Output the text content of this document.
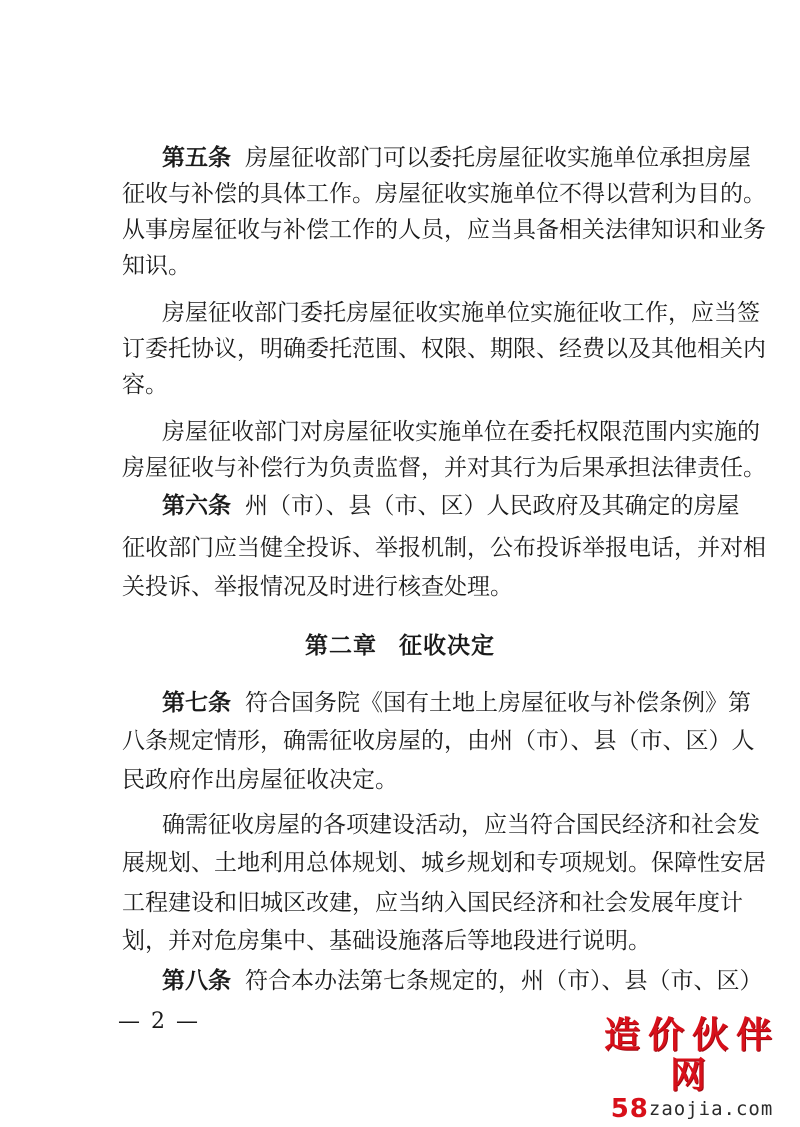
第五条 房屋征收部门可以委托房屋征收实施单位承担房屋
征收与补偿的具体工作。房屋征收实施单位不得以营利为目的。
从事房屋征收与补偿工作的人员，应当具备相关法律知识和业务
知识。
房屋征收部门委托房屋征收实施单位实施征收工作，应当签
订委托协议，明确委托范围、权限、期限、经费以及其他相关内
容。
房屋征收部门对房屋征收实施单位在委托权限范围内实施的
房屋征收与补偿行为负责监督，并对其行为后果承担法律责任。
第六条 州（市）、县（市、区）人民政府及其确定的房屋
征收部门应当健全投诉、举报机制，公布投诉举报电话，并对相
关投诉、举报情况及时进行核查处理。
第二章 征收决定
第七条 符合国务院《国有土地上房屋征收与补偿条例》第
八条规定情形，确需征收房屋的，由州（市）、县（市、区）人
民政府作出房屋征收决定。
确需征收房屋的各项建设活动，应当符合国民经济和社会发
展规划、土地利用总体规划、城乡规划和专项规划。保障性安居
工程建设和旧城区改建，应当纳入国民经济和社会发展年度计
划，并对危房集中、基础设施落后等地段进行说明。
第八条 符合本办法第七条规定的，州（市）、县（市、区）
— 2 —	造价伙伴网
58zaojia.com
